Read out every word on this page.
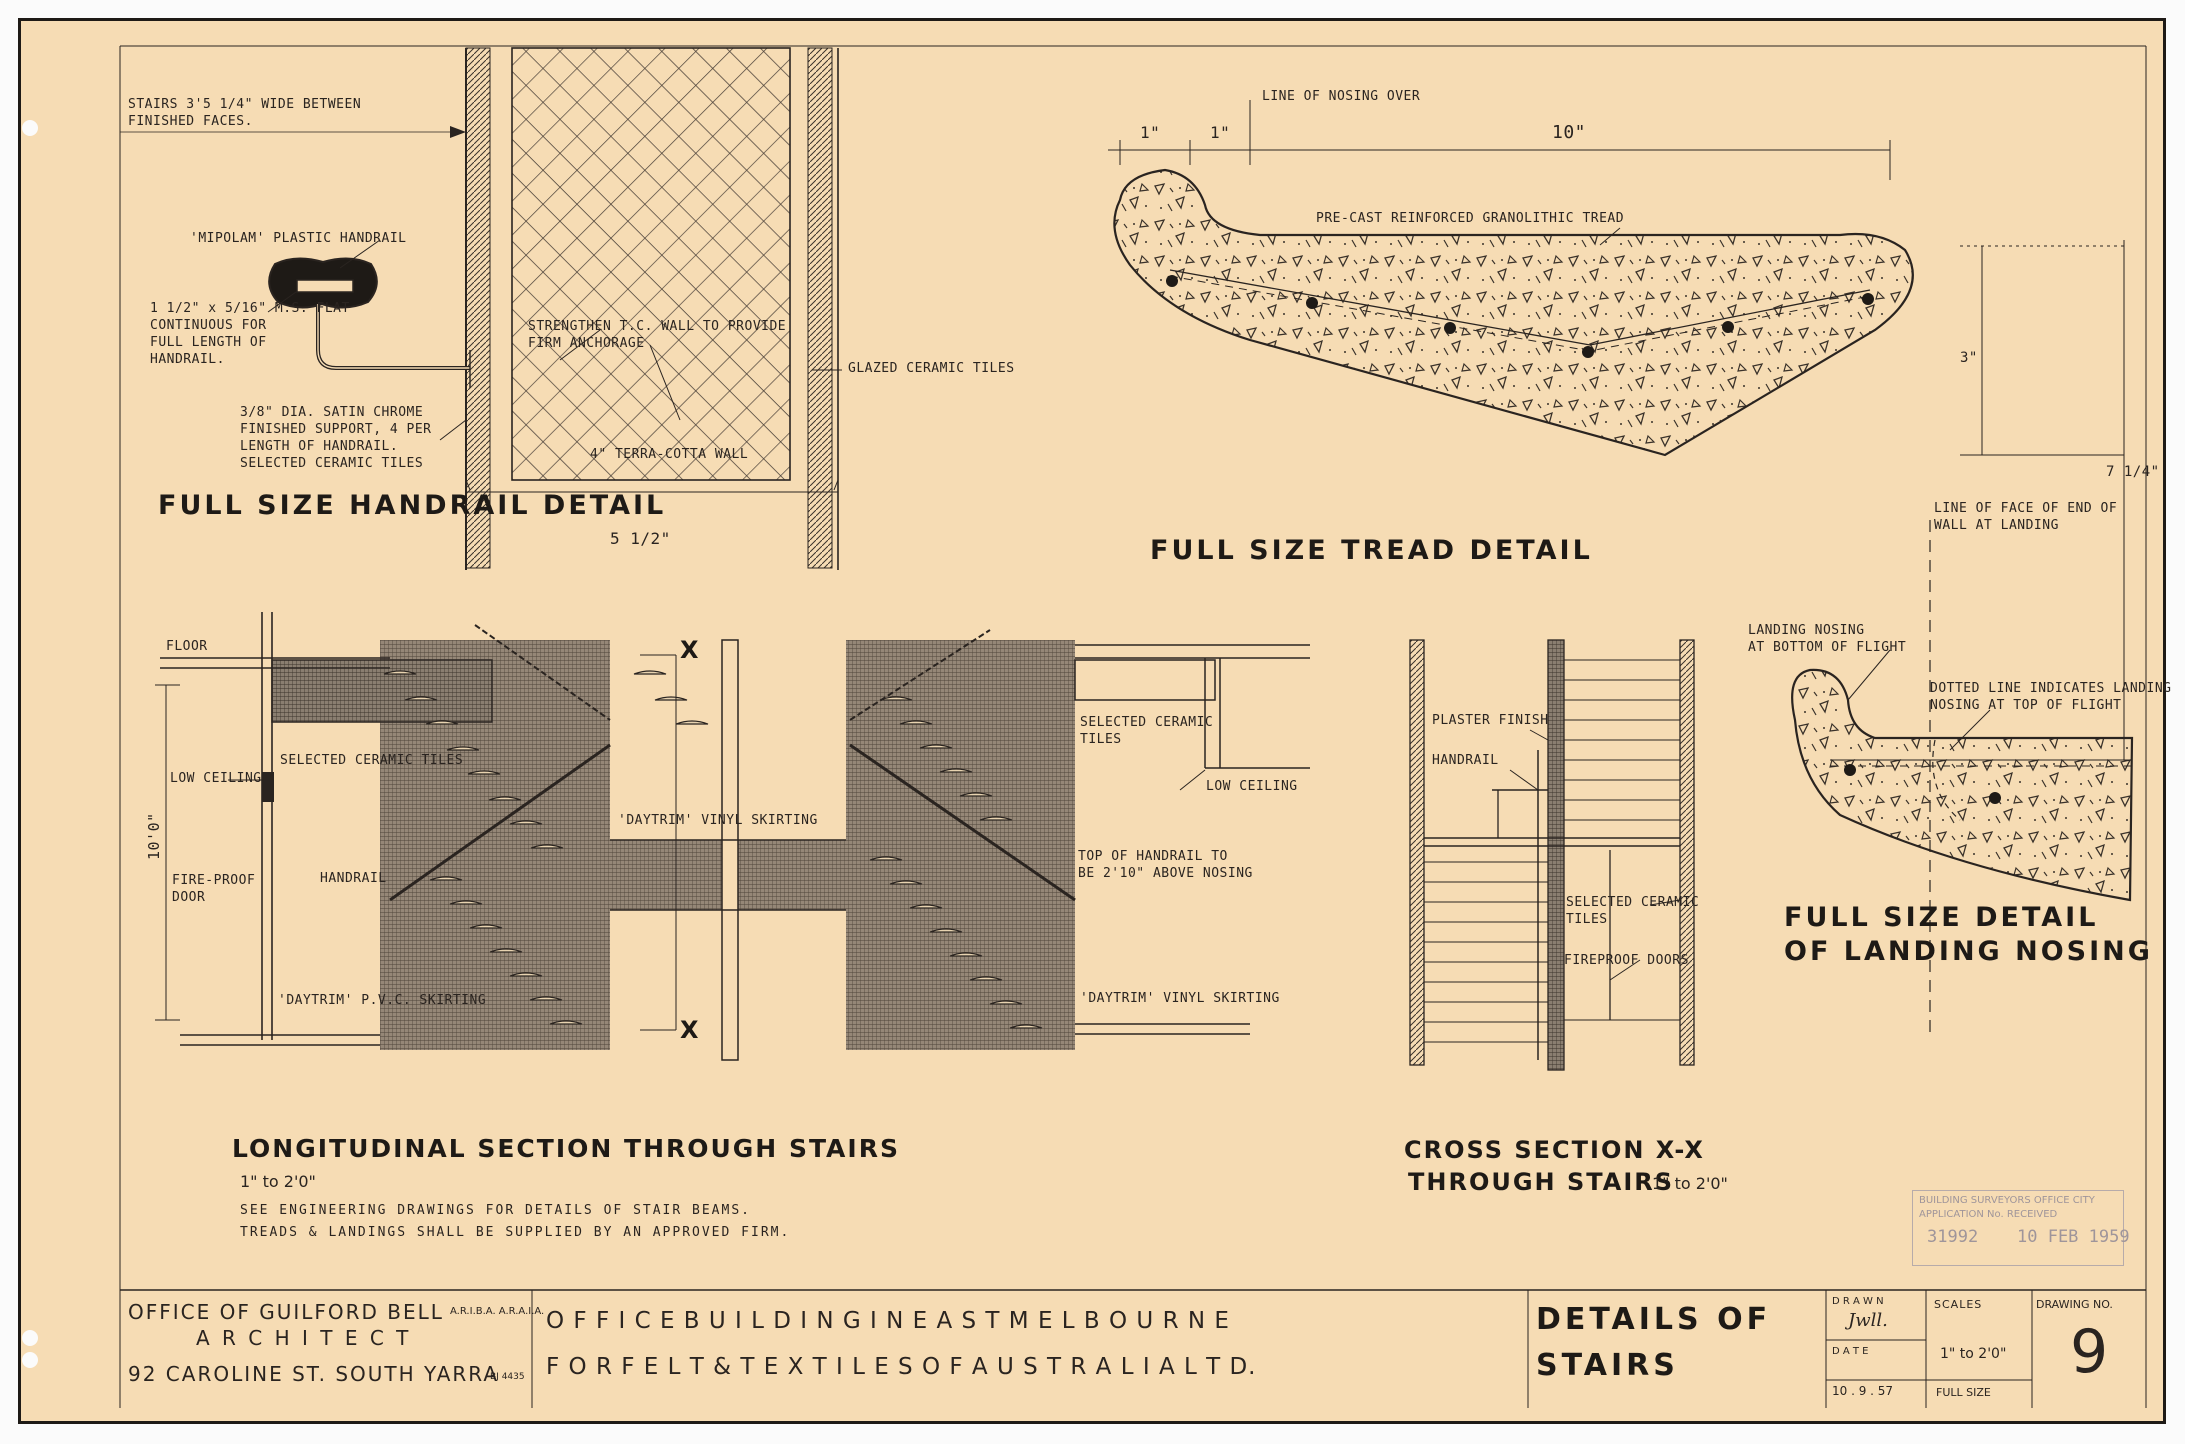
STAIRS 3'5 1/4" WIDE BETWEEN
FINISHED FACES.
'MIPOLAM' PLASTIC HANDRAIL
1 1/2" x 5/16" M.S. FLAT
CONTINUOUS FOR
FULL LENGTH OF
HANDRAIL.
STRENGTHEN T.C. WALL TO PROVIDE
FIRM ANCHORAGE
GLAZED CERAMIC TILES
3/8" DIA. SATIN CHROME
FINISHED SUPPORT, 4 PER
LENGTH OF HANDRAIL.
SELECTED CERAMIC TILES
4" TERRA-COTTA WALL
5 1/2"
FULL SIZE HANDRAIL DETAIL
LINE OF NOSING OVER
1"	1"	10"
PRE-CAST REINFORCED GRANOLITHIC TREAD
3"
7 1/4"
LINE OF FACE OF END OF
WALL AT LANDING
FULL SIZE TREAD DETAIL
LANDING NOSING
AT BOTTOM OF FLIGHT
DOTTED LINE INDICATES LANDING
NOSING AT TOP OF FLIGHT
FULL SIZE DETAIL
OF LANDING NOSING
FLOOR
LOW CEILING
10'0"
SELECTED CERAMIC TILES
FIRE-PROOF
DOOR
HANDRAIL
'DAYTRIM' P.V.C. SKIRTING
'DAYTRIM' VINYL SKIRTING
SELECTED CERAMIC
TILES
LOW CEILING
TOP OF HANDRAIL TO
BE 2'10" ABOVE NOSING
'DAYTRIM' VINYL SKIRTING
X
X
LONGITUDINAL SECTION THROUGH STAIRS
1" to 2'0"
SEE ENGINEERING DRAWINGS FOR DETAILS OF STAIR BEAMS.
TREADS & LANDINGS SHALL BE SUPPLIED BY AN APPROVED FIRM.
PLASTER FINISH
HANDRAIL
SELECTED CERAMIC
TILES
FIREPROOF DOORS
CROSS SECTION X-X
THROUGH STAIRS
1" to 2'0"
BUILDING SURVEYORS OFFICE CITY
APPLICATION No. RECEIVED
31992 10 FEB 1959
OFFICE OF GUILFORD BELL A.R.I.B.A. A.R.A.I.A.
A R C H I T E C T
92 CAROLINE ST. SOUTH YARRA
BJ 4435
O F F I C E B U I L D I N G I N E A S T M E L B O U R N E
F O R F E L T & T E X T I L E S O F A U S T R A L I A L T D.
DETAILS OF
STAIRS
D R A W N
Jwll.
D A T E
10 . 9 . 57
SCALES
1" to 2'0"
FULL SIZE
DRAWING NO.
9
